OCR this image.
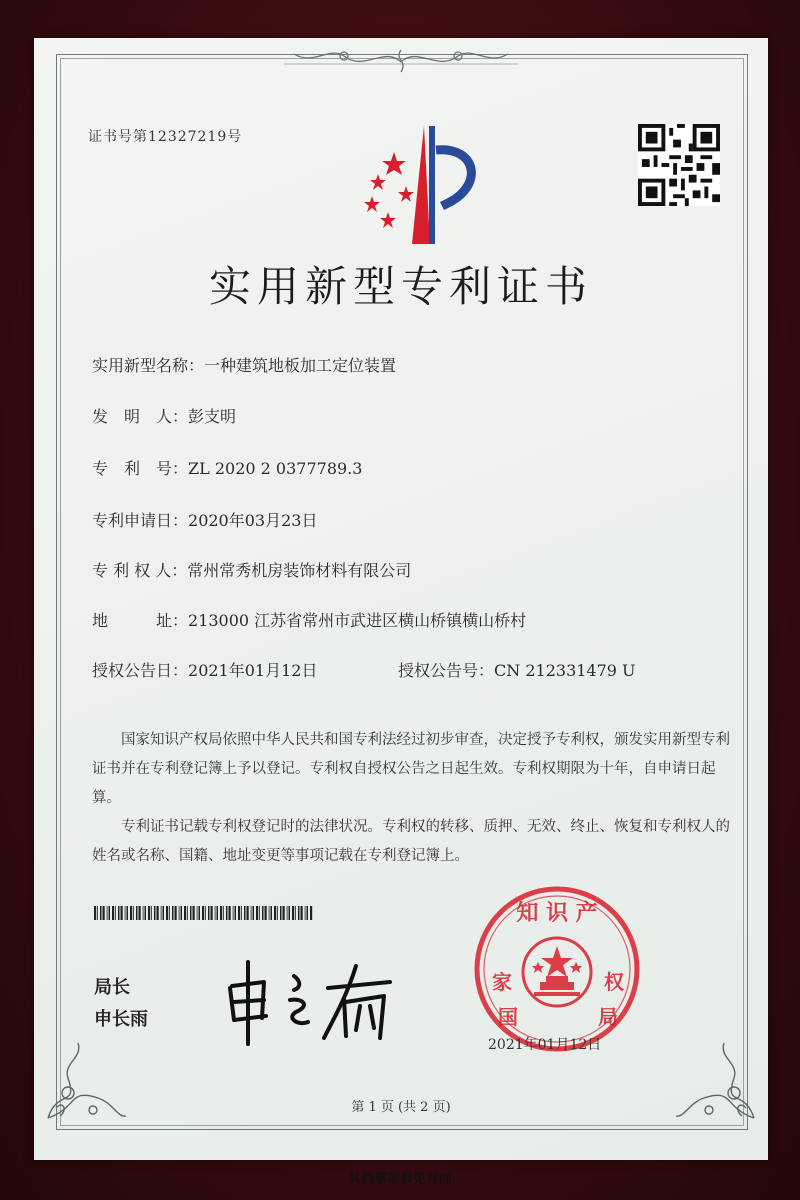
证书号第12327219号
实用新型专利证书
实用新型名称：一种建筑地板加工定位装置
发　明　人：彭支明
专　利　号：ZL 2020 2 0377789.3
专利申请日：2020年03月23日
专 利 权 人：常州常秀机房装饰材料有限公司
地　　　址：213000 江苏省常州市武进区横山桥镇横山桥村
授权公告日：2021年01月12日	授权公告号：CN 212331479 U

国家知识产权局依照中华人民共和国专利法经过初步审查，决定授予专利权，颁发实用新型专利证书并在专利登记簿上予以登记。专利权自授权公告之日起生效。专利权期限为十年，自申请日起算。

专利证书记载专利权登记时的法律状况。专利权的转移、质押、无效、终止、恢复和专利权人的姓名或名称、国籍、地址变更等事项记载在专利登记簿上。

局长
申长雨
知 识 产
家
国
权
局
2021年01月12日
第 1 页 (共 2 页)
其他事项参见背面
